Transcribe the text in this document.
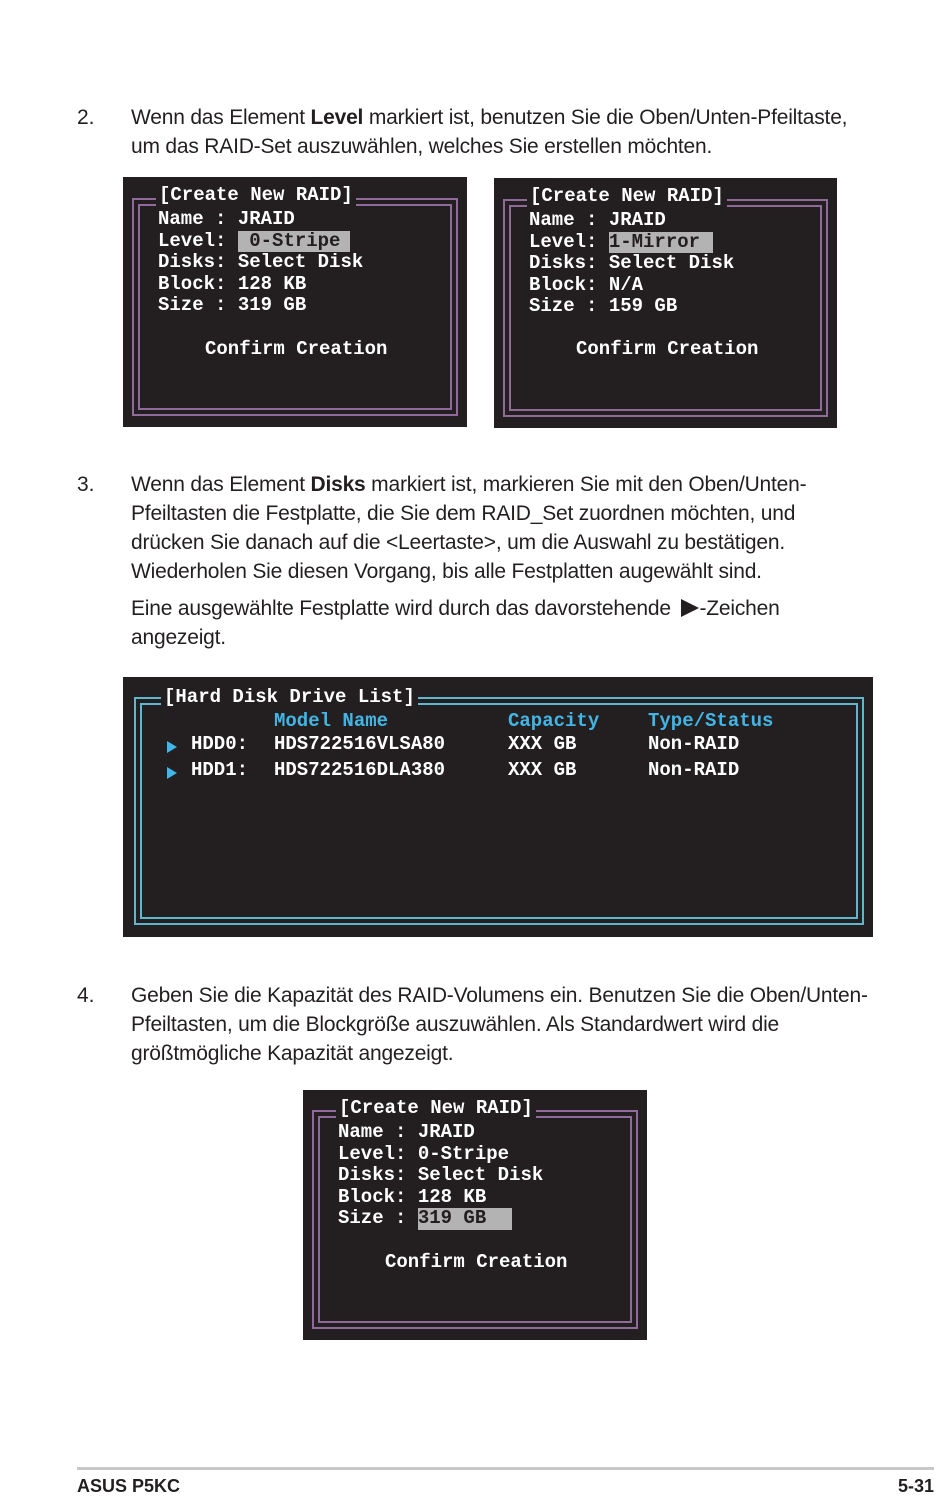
2. Wenn das Element Level markiert ist, benutzen Sie die Oben/Unten-Pfeiltaste, um das RAID-Set auszuwählen, welches Sie erstellen möchten.
[Create New RAID]
Name : JRAID
Level:  0-Stripe
Disks: Select Disk
Block: 128 KB
Size : 319 GB
Confirm Creation
[Create New RAID]
Name : JRAID
Level: 1-Mirror
Disks: Select Disk
Block: N/A
Size : 159 GB
Confirm Creation
3. Wenn das Element Disks markiert ist, markieren Sie mit den Oben/Unten-Pfeiltasten die Festplatte, die Sie dem RAID_Set zuordnen möchten, und drücken Sie danach auf die <Leertaste>, um die Auswahl zu bestätigen. Wiederholen Sie diesen Vorgang, bis alle Festplatten augewählt sind.
Eine ausgewählte Festplatte wird durch das davorstehende -Zeichen angezeigt.
[Hard Disk Drive List]
Model Name	Capacity	Type/Status
HDD0: HDS722516VLSA80	XXX GB	Non-RAID
HDD1: HDS722516DLA380	XXX GB	Non-RAID
4. Geben Sie die Kapazität des RAID-Volumens ein. Benutzen Sie die Oben/Unten-Pfeiltasten, um die Blockgröße auszuwählen. Als Standardwert wird die größtmögliche Kapazität angezeigt.
[Create New RAID]
Name : JRAID
Level: 0-Stripe
Disks: Select Disk
Block: 128 KB
Size : 319 GB
Confirm Creation
ASUS P5KC	5-31
